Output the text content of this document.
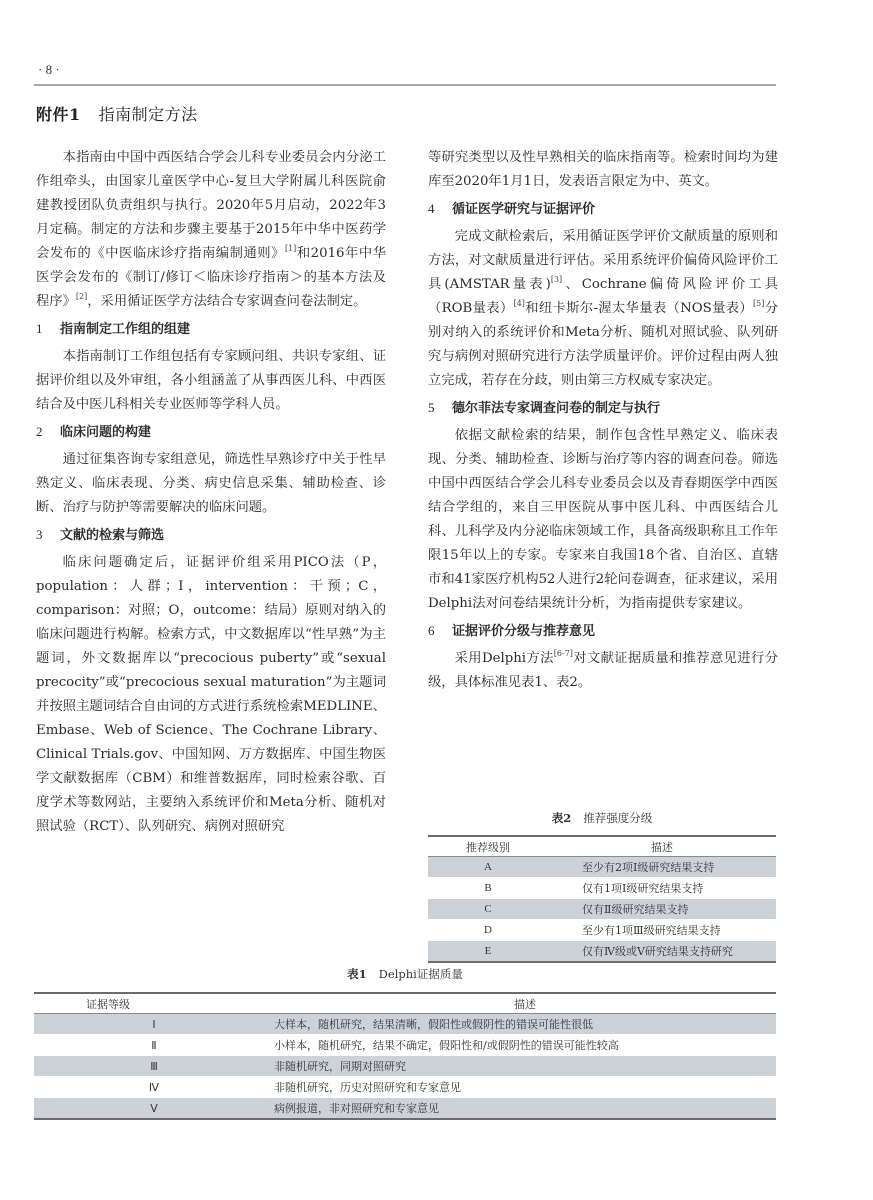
· 8 ·
附件1 指南制定方法

本指南由中国中西医结合学会儿科专业委员会内分泌工作组牵头，由国家儿童医学中心-复旦大学附属儿科医院俞建教授团队负责组织与执行。2020年5月启动，2022年3月定稿。制定的方法和步骤主要基于2015年中华中医药学会发布的《中医临床诊疗指南编制通则》[1]和2016年中华医学会发布的《制订/修订＜临床诊疗指南＞的基本方法及程序》[2]，采用循证医学方法结合专家调查问卷法制定。

1 指南制定工作组的组建

本指南制订工作组包括有专家顾问组、共识专家组、证据评价组以及外审组，各小组涵盖了从事西医儿科、中西医结合及中医儿科相关专业医师等学科人员。

2 临床问题的构建

通过征集咨询专家组意见，筛选性早熟诊疗中关于性早熟定义、临床表现、分类、病史信息采集、辅助检查、诊断、治疗与防护等需要解决的临床问题。

3 文献的检索与筛选

临床问题确定后，证据评价组采用PICO法（P，population：人群；I，intervention：干预；C，comparison：对照；O，outcome：结局）原则对纳入的临床问题进行构解。检索方式，中文数据库以“性早熟”为主题词，外文数据库以“precocious puberty”或“sexual precocity”或“precocious sexual maturation”为主题词并按照主题词结合自由词的方式进行系统检索MEDLINE、Embase、Web of Science、The Cochrane Library、Clinical Trials.gov、中国知网、万方数据库、中国生物医学文献数据库（CBM）和维普数据库，同时检索谷歌、百度学术等数网站，主要纳入系统评价和Meta分析、随机对照试验（RCT）、队列研究、病例对照研究

等研究类型以及性早熟相关的临床指南等。检索时间均为建库至2020年1月1日，发表语言限定为中、英文。

4 循证医学研究与证据评价

完成文献检索后，采用循证医学评价文献质量的原则和方法，对文献质量进行评估。采用系统评价偏倚风险评价工具(AMSTAR量表)[3]、Cochrane偏倚风险评价工具（ROB量表）[4]和纽卡斯尔-渥太华量表（NOS量表）[5]分别对纳入的系统评价和Meta分析、随机对照试验、队列研究与病例对照研究进行方法学质量评价。评价过程由两人独立完成，若存在分歧，则由第三方权威专家决定。

5 德尔菲法专家调查问卷的制定与执行

依据文献检索的结果，制作包含性早熟定义、临床表现、分类、辅助检查、诊断与治疗等内容的调查问卷。筛选中国中西医结合学会儿科专业委员会以及青春期医学中西医结合学组的，来自三甲医院从事中医儿科、中西医结合儿科、儿科学及内分泌临床领域工作，具备高级职称且工作年限15年以上的专家。专家来自我国18个省、自治区、直辖市和41家医疗机构52人进行2轮问卷调查，征求建议，采用Delphi法对问卷结果统计分析，为指南提供专家建议。

6 证据评价分级与推荐意见

采用Delphi方法[6-7]对文献证据质量和推荐意见进行分级，具体标准见表1、表2。

表2 推荐强度分级
推荐级别	描述
A	至少有2项I级研究结果支持
B	仅有1项Ⅰ级研究结果支持
C	仅有Ⅱ级研究结果支持
D	至少有1项Ⅲ级研究结果支持
E	仅有Ⅳ级或Ⅴ研究结果支持研究
表1 Delphi证据质量
证据等级	描述
Ⅰ	大样本，随机研究，结果清晰，假阳性或假阴性的错误可能性很低
Ⅱ	小样本，随机研究，结果不确定，假阳性和/或假阴性的错误可能性较高
Ⅲ	非随机研究，同期对照研究
Ⅳ	非随机研究，历史对照研究和专家意见
Ⅴ	病例报道，非对照研究和专家意见
